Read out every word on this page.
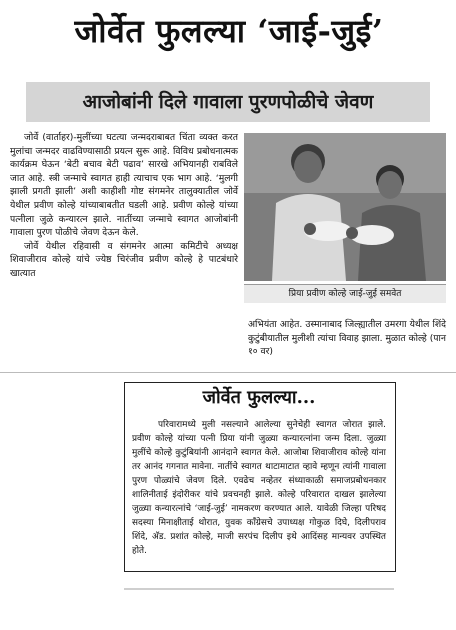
जोर्वेत फुलल्या ‘जाई-जुई’
आजोबांनी दिले गावाला पुरणपोळीचे जेवण

जोर्वे (वार्ताहर)-मुलींच्या घटत्या जन्मदराबाबत चिंता व्यक्त करत मुलांचा जन्मदर वाढविण्यासाठी प्रयत्न सुरू आहे. विविध प्रबोधनात्मक कार्यक्रम घेऊन ‘बेटी बचाव बेटी पढाव’ सारखे अभियानही राबविले जात आहे. स्त्री जन्माचे स्वागत हाही त्याचाच एक भाग आहे. ‘मुलगी झाली प्रगती झाली’ अशी काहीशी गोष्ट संगमनेर तालुक्यातील जोर्वे येथील प्रवीण कोल्हे यांच्याबाबतीत घडली आहे. प्रवीण कोल्हे यांच्या पत्नीला जुळे कन्यारत्न झाले. नातींच्या जन्माचे स्वागत आजोबांनी गावाला पुरण पोळीचे जेवण देऊन केले.

जोर्वे येथील रहिवासी व संगमनेर आत्मा कमिटीचे अध्यक्ष शिवाजीराव कोल्हे यांचे ज्येष्ठ चिरंजीव प्रवीण कोल्हे हे पाटबंधारे खात्यात

प्रिया प्रवीण कोल्हे जाई-जुई समवेत
अभियंता आहेत. उस्मानाबाद जिल्ह्यातील उमरगा येथील शिंदे कुटुंबीयातील मुलीशी त्यांचा विवाह झाला. मुळात कोल्हे (पान १० वर)
जोर्वेत फुलल्या...

परिवारामध्ये मुली नसल्याने आलेल्या सुनेचेही स्वागत जोरात झाले. प्रवीण कोल्हे यांच्या पत्नी प्रिया यांनी जुळ्या कन्यारत्नांना जन्म दिला. जुळ्या मुलींचे कोल्हे कुटुंबियांनी आनंदाने स्वागत केले. आजोबा शिवाजीराव कोल्हे यांना तर आनंद गगनात मावेना. नातींचे स्वागत थाटामाटात व्हावे म्हणून त्यांनी गावाला पुरण पोळ्यांचे जेवण दिले. एवढेच नव्हेतर संध्याकाळी समाजप्रबोधनकार शालिनीताई इंदोरीकर यांचे प्रवचनही झाले. कोल्हे परिवारात दाखल झालेल्या जुळ्या कन्यारत्नांचे ‘जाई-जुई’ नामकरण करण्यात आले. यावेळी जिल्हा परिषद सदस्या मिनाक्षीताई थोरात, युवक काँग्रेसचे उपाध्यक्ष गोकुळ दिघे, दिलीपराव शिंदे, अ‍ॅड. प्रशांत कोल्हे, माजी सरपंच दिलीप इथे आदिंसह मान्यवर उपस्थित होते.
